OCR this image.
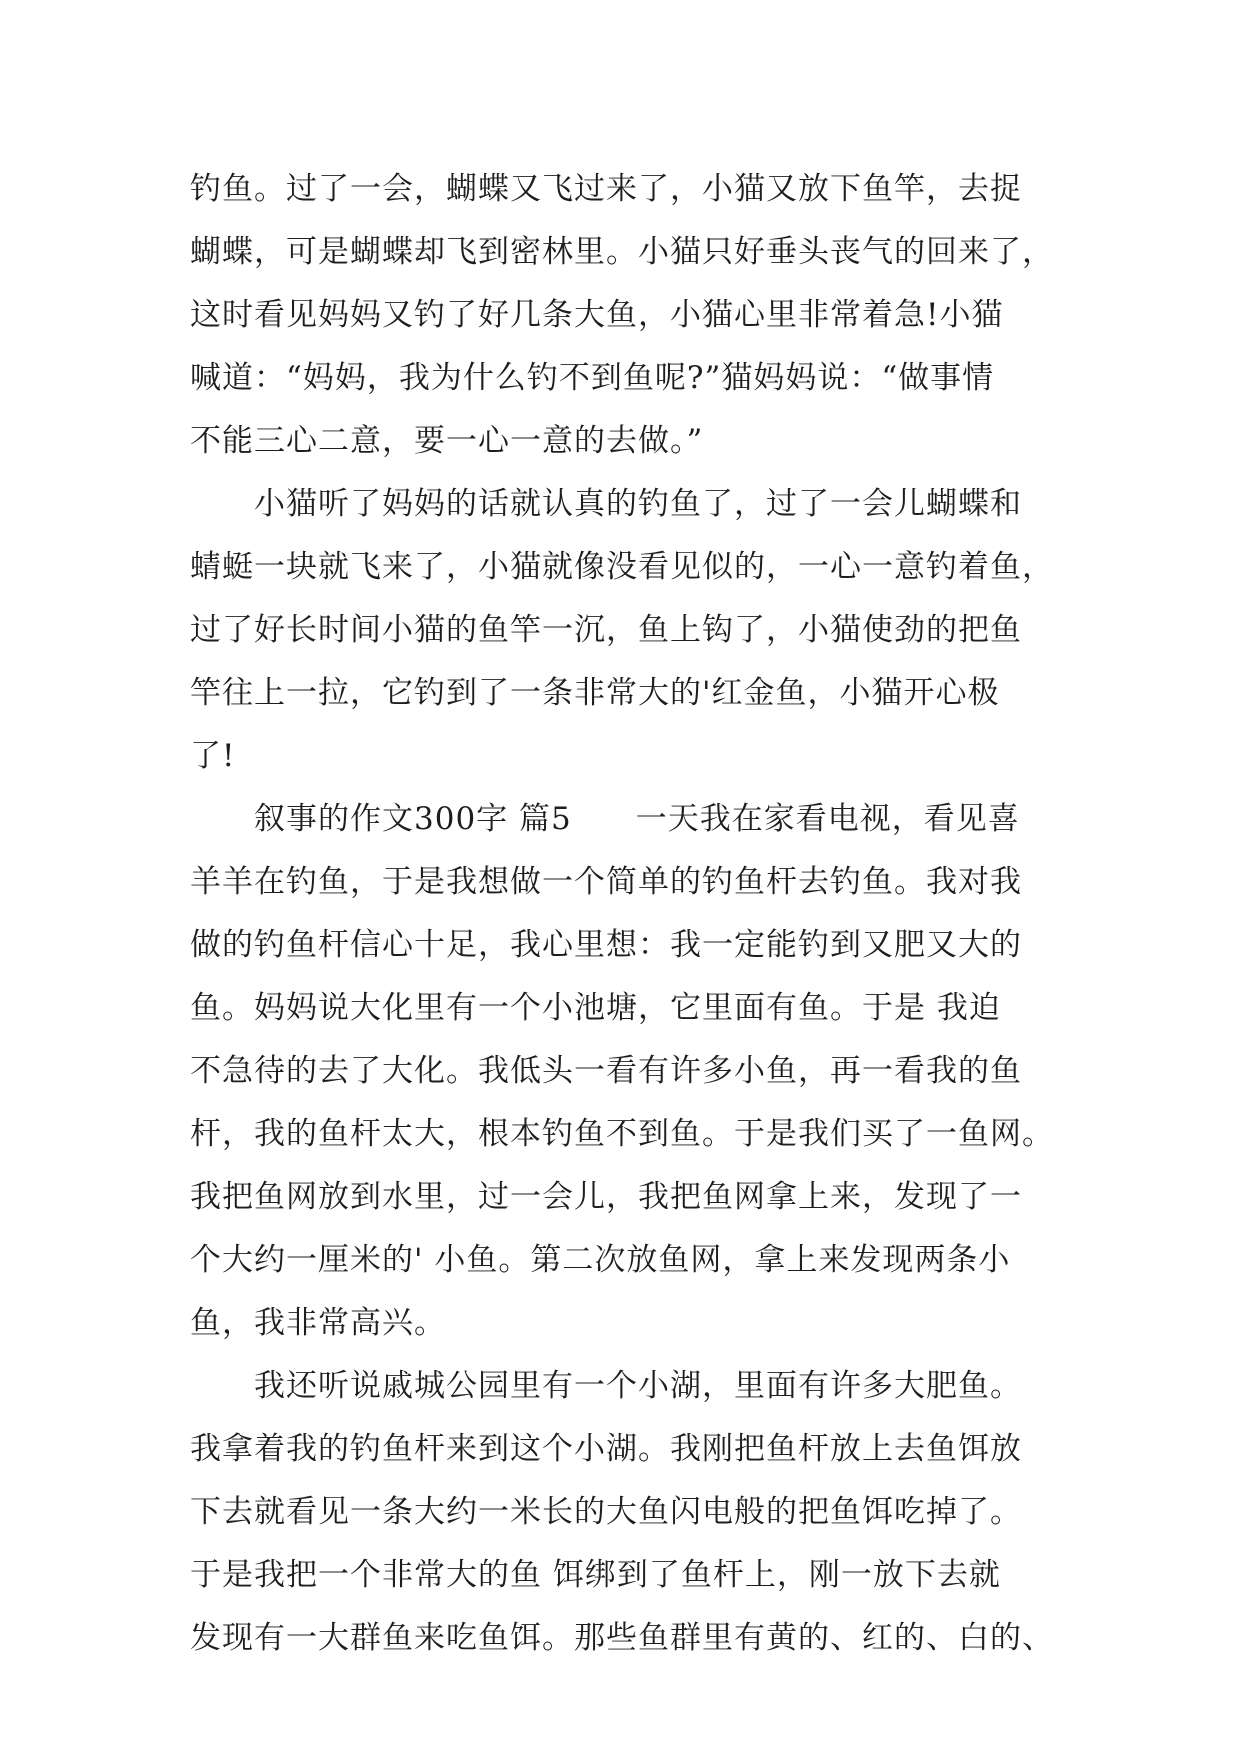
钓鱼。过了一会，蝴蝶又飞过来了，小猫又放下鱼竿，去捉
蝴蝶，可是蝴蝶却飞到密林里。小猫只好垂头丧气的回来了，
这时看见妈妈又钓了好几条大鱼，小猫心里非常着急!小猫
喊道：“妈妈，我为什么钓不到鱼呢?”猫妈妈说：“做事情
不能三心二意，要一心一意的去做。”
　　小猫听了妈妈的话就认真的钓鱼了，过了一会儿蝴蝶和
蜻蜓一块就飞来了，小猫就像没看见似的，一心一意钓着鱼，
过了好长时间小猫的鱼竿一沉，鱼上钩了，小猫使劲的把鱼
竿往上一拉，它钓到了一条非常大的'红金鱼，小猫开心极
了!
　　叙事的作文300字 篇5　　一天我在家看电视，看见喜
羊羊在钓鱼，于是我想做一个简单的钓鱼杆去钓鱼。我对我
做的钓鱼杆信心十足，我心里想：我一定能钓到又肥又大的
鱼。妈妈说大化里有一个小池塘，它里面有鱼。于是 我迫
不急待的去了大化。我低头一看有许多小鱼，再一看我的鱼
杆，我的鱼杆太大，根本钓鱼不到鱼。于是我们买了一鱼网。
我把鱼网放到水里，过一会儿，我把鱼网拿上来，发现了一
个大约一厘米的' 小鱼。第二次放鱼网，拿上来发现两条小
鱼，我非常高兴。
　　我还听说戚城公园里有一个小湖，里面有许多大肥鱼。
我拿着我的钓鱼杆来到这个小湖。我刚把鱼杆放上去鱼饵放
下去就看见一条大约一米长的大鱼闪电般的把鱼饵吃掉了。
于是我把一个非常大的鱼 饵绑到了鱼杆上，刚一放下去就
发现有一大群鱼来吃鱼饵。那些鱼群里有黄的、红的、白的、
